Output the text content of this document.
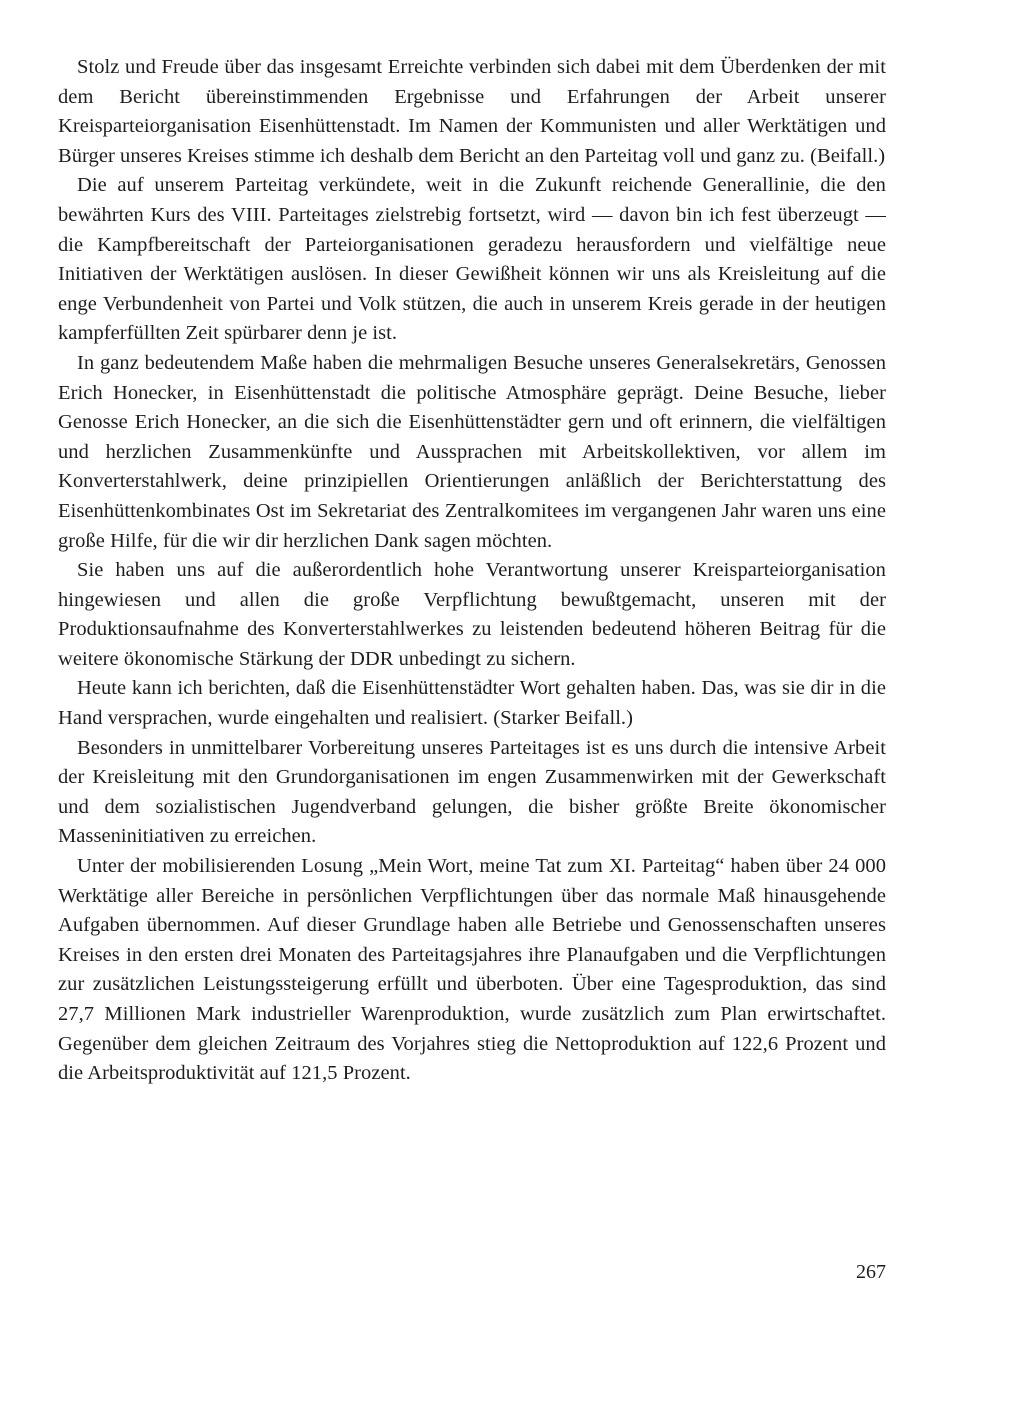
Stolz und Freude über das insgesamt Erreichte verbinden sich dabei mit dem Überdenken der mit dem Bericht übereinstimmenden Ergebnisse und Erfahrungen der Arbeit unserer Kreisparteiorganisation Eisenhüttenstadt. Im Namen der Kommunisten und aller Werktätigen und Bürger unseres Kreises stimme ich deshalb dem Bericht an den Parteitag voll und ganz zu. (Beifall.)

Die auf unserem Parteitag verkündete, weit in die Zukunft reichende Generallinie, die den bewährten Kurs des VIII. Parteitages zielstrebig fortsetzt, wird — davon bin ich fest überzeugt — die Kampfbereitschaft der Parteiorganisationen geradezu herausfordern und vielfältige neue Initiativen der Werktätigen auslösen. In dieser Gewißheit können wir uns als Kreisleitung auf die enge Verbundenheit von Partei und Volk stützen, die auch in unserem Kreis gerade in der heutigen kampferfüllten Zeit spürbarer denn je ist.

In ganz bedeutendem Maße haben die mehrmaligen Besuche unseres Generalsekretärs, Genossen Erich Honecker, in Eisenhüttenstadt die politische Atmosphäre geprägt. Deine Besuche, lieber Genosse Erich Honecker, an die sich die Eisenhüttenstädter gern und oft erinnern, die vielfältigen und herzlichen Zusammenkünfte und Aussprachen mit Arbeitskollektiven, vor allem im Konverterstahlwerk, deine prinzipiellen Orientierungen anläßlich der Berichterstattung des Eisenhüttenkombinates Ost im Sekretariat des Zentralkomitees im vergangenen Jahr waren uns eine große Hilfe, für die wir dir herzlichen Dank sagen möchten.

Sie haben uns auf die außerordentlich hohe Verantwortung unserer Kreisparteiorganisation hingewiesen und allen die große Verpflichtung bewußtgemacht, unseren mit der Produktionsaufnahme des Konverterstahlwerkes zu leistenden bedeutend höheren Beitrag für die weitere ökonomische Stärkung der DDR unbedingt zu sichern.

Heute kann ich berichten, daß die Eisenhüttenstädter Wort gehalten haben. Das, was sie dir in die Hand versprachen, wurde eingehalten und realisiert. (Starker Beifall.)

Besonders in unmittelbarer Vorbereitung unseres Parteitages ist es uns durch die intensive Arbeit der Kreisleitung mit den Grundorganisationen im engen Zusammenwirken mit der Gewerkschaft und dem sozialistischen Jugendverband gelungen, die bisher größte Breite ökonomischer Masseninitiativen zu erreichen.

Unter der mobilisierenden Losung „Mein Wort, meine Tat zum XI. Parteitag“ haben über 24 000 Werktätige aller Bereiche in persönlichen Verpflichtungen über das normale Maß hinausgehende Aufgaben übernommen. Auf dieser Grundlage haben alle Betriebe und Genossenschaften unseres Kreises in den ersten drei Monaten des Parteitagsjahres ihre Planaufgaben und die Verpflichtungen zur zusätzlichen Leistungssteigerung erfüllt und überboten. Über eine Tagesproduktion, das sind 27,7 Millionen Mark industrieller Warenproduktion, wurde zusätzlich zum Plan erwirtschaftet. Gegenüber dem gleichen Zeitraum des Vorjahres stieg die Nettoproduktion auf 122,6 Prozent und die Arbeitsproduktivität auf 121,5 Prozent.

267
